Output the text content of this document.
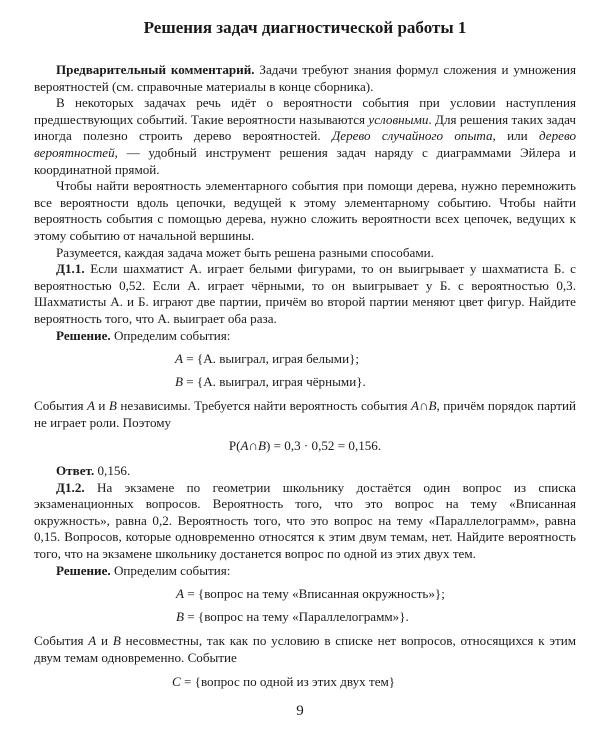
Решения задач диагностической работы 1

Предварительный комментарий. Задачи требуют знания формул сложения и умножения вероятностей (см. справочные материалы в конце сборника).

В некоторых задачах речь идёт о вероятности события при условии наступления предшествующих событий. Такие вероятности называются условными. Для решения таких задач иногда полезно строить дерево вероятностей. Дерево случайного опыта, или дерево вероятностей, — удобный инструмент решения задач наряду с диаграммами Эйлера и координатной прямой.

Чтобы найти вероятность элементарного события при помощи дерева, нужно перемножить все вероятности вдоль цепочки, ведущей к этому элементарному событию. Чтобы найти вероятность события с помощью дерева, нужно сложить вероятности всех цепочек, ведущих к этому событию от начальной вершины.

Разумеется, каждая задача может быть решена разными способами.

Д1.1. Если шахматист А. играет белыми фигурами, то он выигрывает у шахматиста Б. с вероятностью 0,52. Если А. играет чёрными, то он выигрывает у Б. с вероятностью 0,3. Шахматисты А. и Б. играют две партии, причём во второй партии меняют цвет фигур. Найдите вероятность того, что А. выиграет оба раза.

Решение. Определим события:

A = {А. выиграл, играя белыми};
B = {А. выиграл, играя чёрными}.

События A и B независимы. Требуется найти вероятность события A∩B, причём порядок партий не играет роли. Поэтому

P(A∩B) = 0,3 · 0,52 = 0,156.

Ответ. 0,156.

Д1.2. На экзамене по геометрии школьнику достаётся один вопрос из списка экзаменационных вопросов. Вероятность того, что это вопрос на тему «Вписанная окружность», равна 0,2. Вероятность того, что это вопрос на тему «Параллелограмм», равна 0,15. Вопросов, которые одновременно относятся к этим двум темам, нет. Найдите вероятность того, что на экзамене школьнику достанется вопрос по одной из этих двух тем.

Решение. Определим события:

A = {вопрос на тему «Вписанная окружность»};
B = {вопрос на тему «Параллелограмм»}.

События A и B несовместны, так как по условию в списке нет вопросов, относящихся к этим двум темам одновременно. Событие

C = {вопрос по одной из этих двух тем}
9
